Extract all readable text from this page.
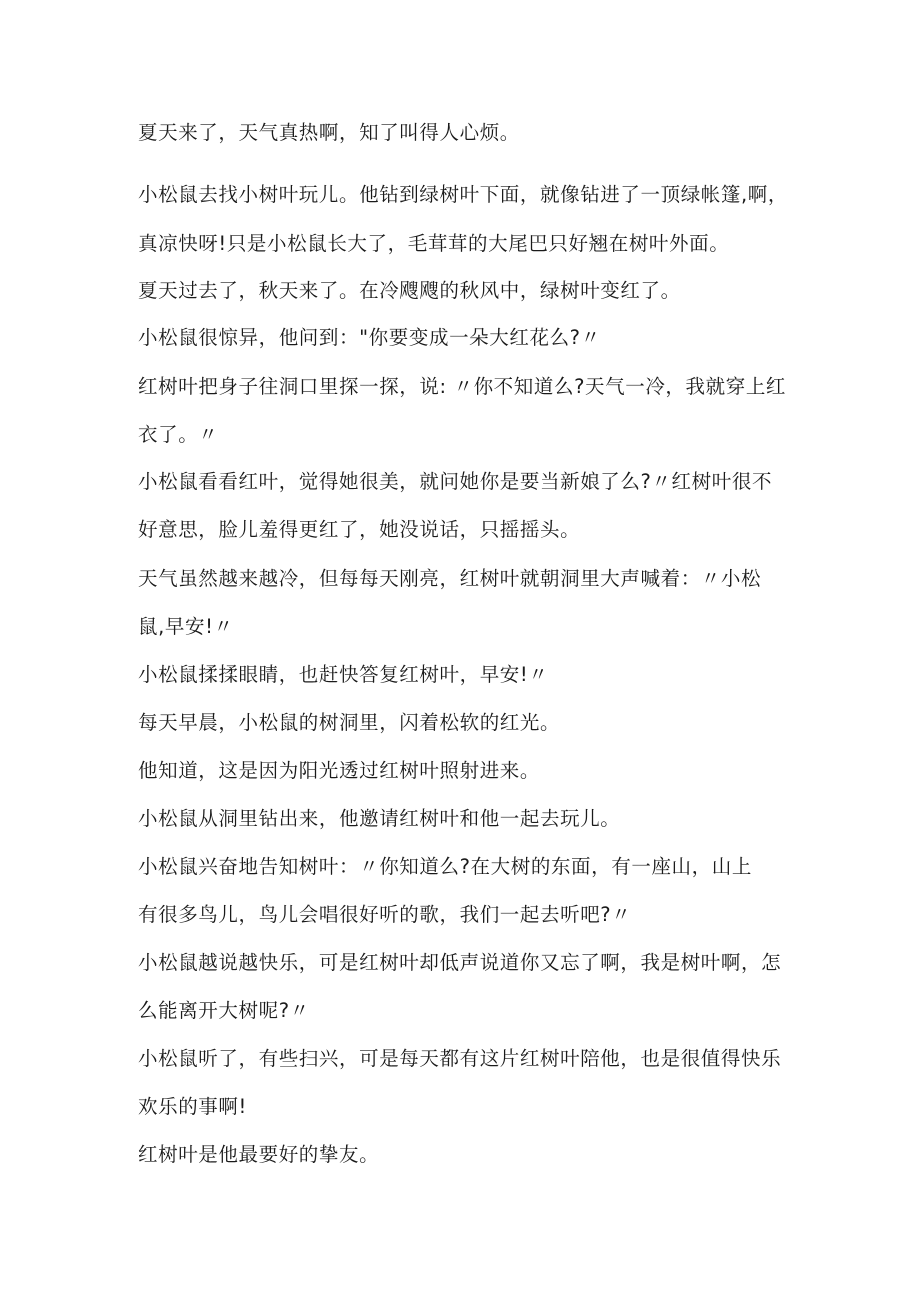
夏天来了，天气真热啊，知了叫得人心烦。

小松鼠去找小树叶玩儿。他钻到绿树叶下面，就像钻进了一顶绿帐篷,啊，

真凉快呀!只是小松鼠长大了，毛茸茸的大尾巴只好翘在树叶外面。

夏天过去了，秋天来了。在冷飕飕的秋风中，绿树叶变红了。

小松鼠很惊异，他问到："你要变成一朵大红花么?〃

红树叶把身子往洞口里探一探，说: 〃你不知道么?天气一冷，我就穿上红

衣了。〃

小松鼠看看红叶，觉得她很美，就问她你是要当新娘了么?〃红树叶很不

好意思，脸儿羞得更红了，她没说话，只摇摇头。

天气虽然越来越冷，但每每天刚亮，红树叶就朝洞里大声喊着：〃小松

鼠,早安!〃

小松鼠揉揉眼睛，也赶快答复红树叶，早安!〃

每天早晨，小松鼠的树洞里，闪着松软的红光。

他知道，这是因为阳光透过红树叶照射进来。

小松鼠从洞里钻出来，他邀请红树叶和他一起去玩儿。

小松鼠兴奋地告知树叶：〃你知道么?在大树的东面，有一座山，山上

有很多鸟儿，鸟儿会唱很好听的歌，我们一起去听吧?〃

小松鼠越说越快乐，可是红树叶却低声说道你又忘了啊，我是树叶啊，怎

么能离开大树呢?〃

小松鼠听了，有些扫兴，可是每天都有这片红树叶陪他，也是很值得快乐

欢乐的事啊!

红树叶是他最要好的挚友。
